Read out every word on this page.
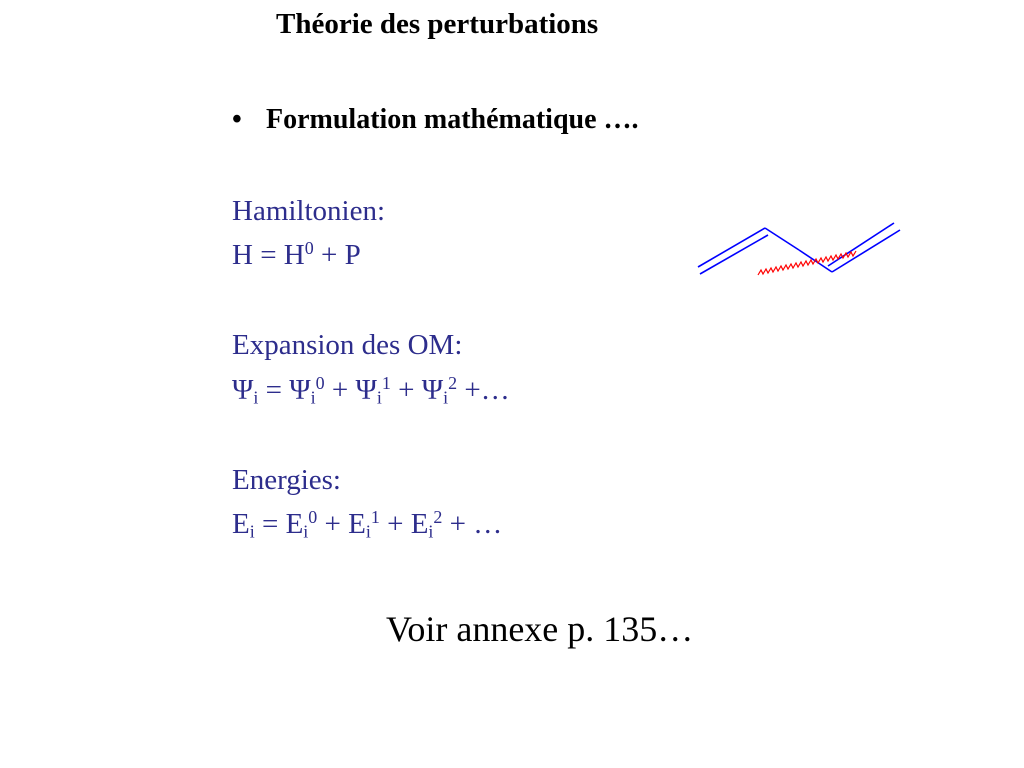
Théorie des perturbations
• Formulation mathématique ….
Hamiltonien:
$H = H^0 + P$
Expansion des OM:
$\Psi_i = \Psi_i^0 + \Psi_i^1 + \Psi_i^2$ +…
Energies:
$E_i = E_i^0 + E_i^1 + E_i^2$ + …
Voir annexe p. 135…
